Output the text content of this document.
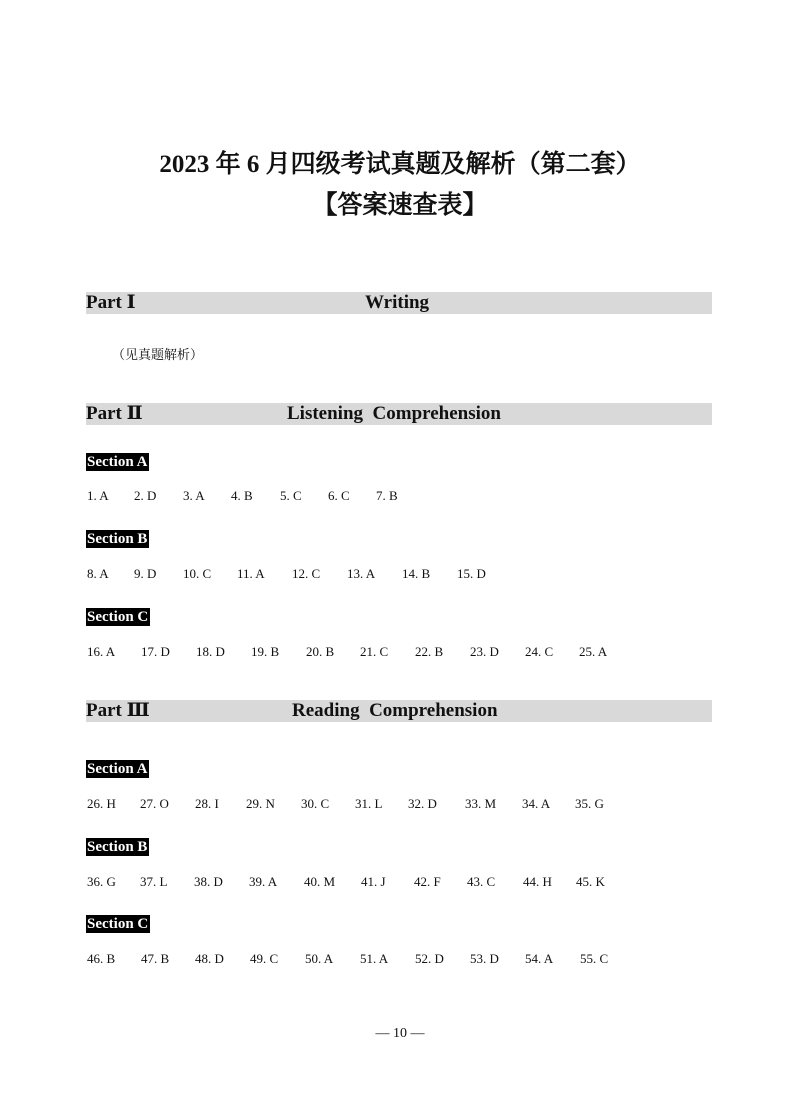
2023 年 6 月四级考试真题及解析（第二套）
【答案速查表】
Part Ⅰ	Writing
（见真题解析）
Part Ⅱ	Listening  Comprehension
Section A
1. A 2. D 3. A 4. B 5. C 6. C 7. B
Section B
8. A 9. D 10. C 11. A 12. C 13. A 14. B 15. D
Section C
16. A 17. D 18. D 19. B 20. B 21. C 22. B 23. D 24. C 25. A
Part Ⅲ	Reading  Comprehension
Section A
26. H 27. O 28. I 29. N 30. C 31. L 32. D 33. M 34. A 35. G
Section B
36. G 37. L 38. D 39. A 40. M 41. J 42. F 43. C 44. H 45. K
Section C
46. B 47. B 48. D 49. C 50. A 51. A 52. D 53. D 54. A 55. C
— 10 —
